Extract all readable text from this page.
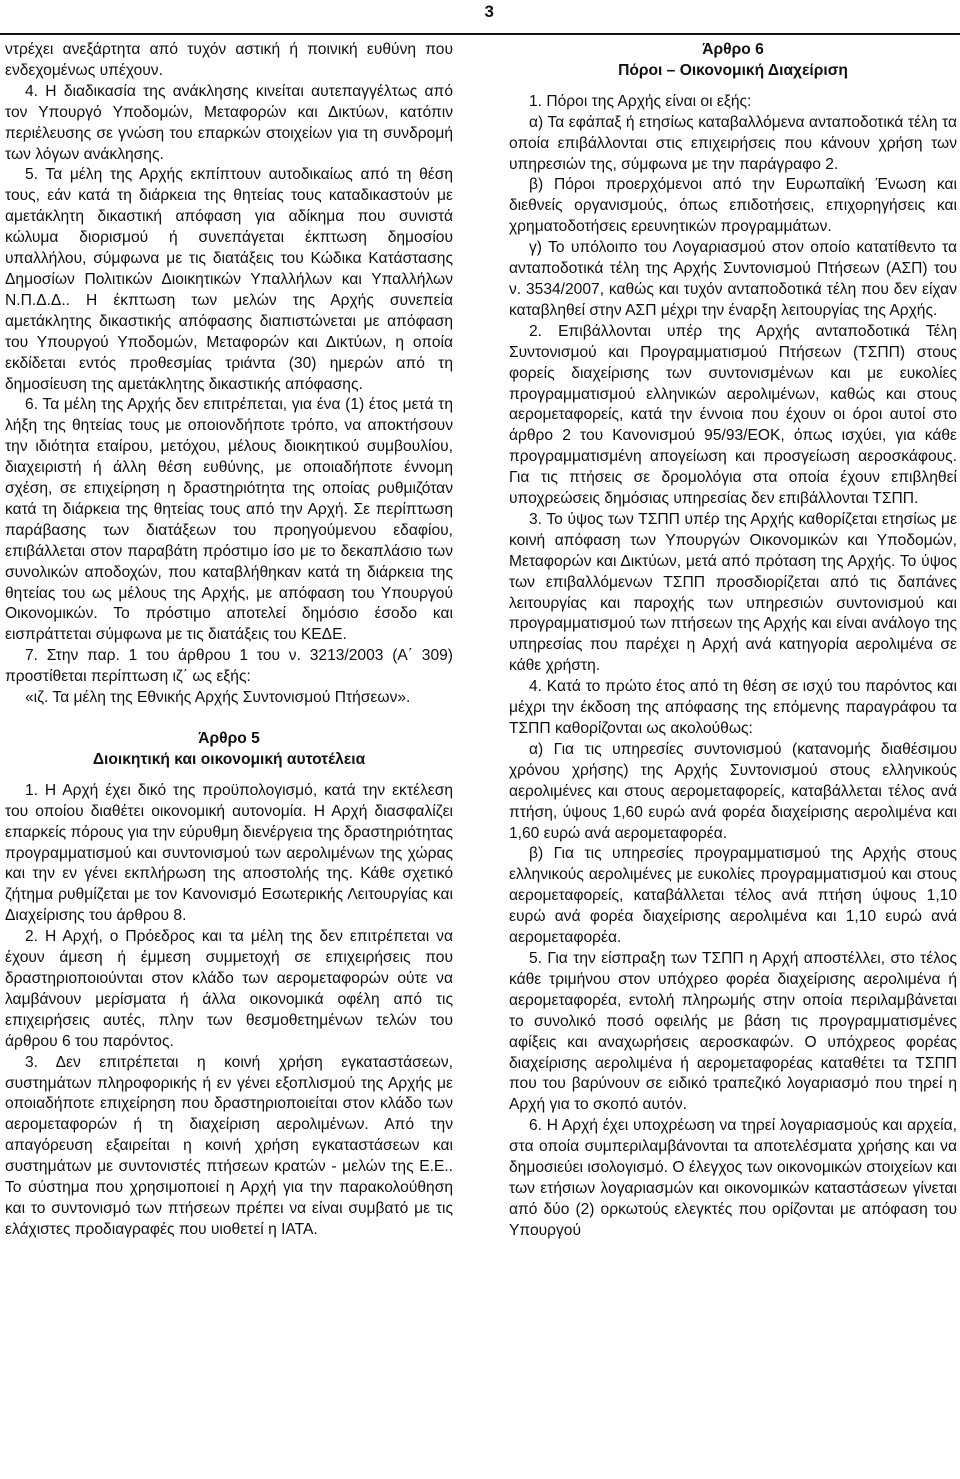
3

ντρέχει ανεξάρτητα από τυχόν αστική ή ποινική ευθύνη που ενδεχομένως υπέχουν.

4. Η διαδικασία της ανάκλησης κινείται αυτεπαγγέλτως από τον Υπουργό Υποδομών, Μεταφορών και Δικτύων, κατόπιν περιέλευσης σε γνώση του επαρκών στοιχείων για τη συνδρομή των λόγων ανάκλησης.

5. Τα μέλη της Αρχής εκπίπτουν αυτοδικαίως από τη θέση τους, εάν κατά τη διάρκεια της θητείας τους καταδικαστούν με αμετάκλητη δικαστική απόφαση για αδίκημα που συνιστά κώλυμα διορισμού ή συνεπάγεται έκπτωση δημοσίου υπαλλήλου, σύμφωνα με τις διατάξεις του Κώδικα Κατάστασης Δημοσίων Πολιτικών Διοικητικών Υπαλλήλων και Υπαλλήλων Ν.Π.Δ.Δ.. Η έκπτωση των μελών της Αρχής συνεπεία αμετάκλητης δικαστικής απόφασης διαπιστώνεται με απόφαση του Υπουργού Υποδομών, Μεταφορών και Δικτύων, η οποία εκδίδεται εντός προθεσμίας τριάντα (30) ημερών από τη δημοσίευση της αμετάκλητης δικαστικής απόφασης.

6. Τα μέλη της Αρχής δεν επιτρέπεται, για ένα (1) έτος μετά τη λήξη της θητείας τους με οποιονδήποτε τρόπο, να αποκτήσουν την ιδιότητα εταίρου, μετόχου, μέλους διοικητικού συμβουλίου, διαχειριστή ή άλλη θέση ευθύνης, με οποιαδήποτε έννομη σχέση, σε επιχείρηση η δραστηριότητα της οποίας ρυθμιζόταν κατά τη διάρκεια της θητείας τους από την Αρχή. Σε περίπτωση παράβασης των διατάξεων του προηγούμενου εδαφίου, επιβάλλεται στον παραβάτη πρόστιμο ίσο με το δεκαπλάσιο των συνολικών αποδοχών, που καταβλήθηκαν κατά τη διάρκεια της θητείας του ως μέλους της Αρχής, με απόφαση του Υπουργού Οικονομικών. Το πρόστιμο αποτελεί δημόσιο έσοδο και εισπράττεται σύμφωνα με τις διατάξεις του ΚΕΔΕ.

7. Στην παρ. 1 του άρθρου 1 του ν. 3213/2003 (Α΄ 309) προστίθεται περίπτωση ιζ΄ ως εξής:

«ιζ. Τα μέλη της Εθνικής Αρχής Συντονισμού Πτήσεων».

Άρθρο 5

Διοικητική και οικονομική αυτοτέλεια

1. Η Αρχή έχει δικό της προϋπολογισμό, κατά την εκτέλεση του οποίου διαθέτει οικονομική αυτονομία. Η Αρχή διασφαλίζει επαρκείς πόρους για την εύρυθμη διενέργεια της δραστηριότητας προγραμματισμού και συντονισμού των αερολιμένων της χώρας και την εν γένει εκπλήρωση της αποστολής της. Κάθε σχετικό ζήτημα ρυθμίζεται με τον Κανονισμό Εσωτερικής Λειτουργίας και Διαχείρισης του άρθρου 8.

2. Η Αρχή, ο Πρόεδρος και τα μέλη της δεν επιτρέπεται να έχουν άμεση ή έμμεση συμμετοχή σε επιχειρήσεις που δραστηριοποιούνται στον κλάδο των αερομεταφορών ούτε να λαμβάνουν μερίσματα ή άλλα οικονομικά οφέλη από τις επιχειρήσεις αυτές, πλην των θεσμοθετημένων τελών του άρθρου 6 του παρόντος.

3. Δεν επιτρέπεται η κοινή χρήση εγκαταστάσεων, συστημάτων πληροφορικής ή εν γένει εξοπλισμού της Αρχής με οποιαδήποτε επιχείρηση που δραστηριοποιείται στον κλάδο των αερομεταφορών ή τη διαχείριση αερολιμένων. Από την απαγόρευση εξαιρείται η κοινή χρήση εγκαταστάσεων και συστημάτων με συντονιστές πτήσεων κρατών - μελών της Ε.Ε.. Το σύστημα που χρησιμοποιεί η Αρχή για την παρακολούθηση και το συντονισμό των πτήσεων πρέπει να είναι συμβατό με τις ελάχιστες προδιαγραφές που υιοθετεί η ΙΑΤΑ.

Άρθρο 6

Πόροι – Οικονομική Διαχείριση

1. Πόροι της Αρχής είναι οι εξής:

α) Τα εφάπαξ ή ετησίως καταβαλλόμενα ανταποδοτικά τέλη τα οποία επιβάλλονται στις επιχειρήσεις που κάνουν χρήση των υπηρεσιών της, σύμφωνα με την παράγραφο 2.

β) Πόροι προερχόμενοι από την Ευρωπαϊκή Ένωση και διεθνείς οργανισμούς, όπως επιδοτήσεις, επιχορηγήσεις και χρηματοδοτήσεις ερευνητικών προγραμμάτων.

γ) Το υπόλοιπο του Λογαριασμού στον οποίο κατατίθεντο τα ανταποδοτικά τέλη της Αρχής Συντονισμού Πτήσεων (ΑΣΠ) του ν. 3534/2007, καθώς και τυχόν ανταποδοτικά τέλη που δεν είχαν καταβληθεί στην ΑΣΠ μέχρι την έναρξη λειτουργίας της Αρχής.

2. Επιβάλλονται υπέρ της Αρχής ανταποδοτικά Τέλη Συντονισμού και Προγραμματισμού Πτήσεων (ΤΣΠΠ) στους φορείς διαχείρισης των συντονισμένων και με ευκολίες προγραμματισμού ελληνικών αερολιμένων, καθώς και στους αερομεταφορείς, κατά την έννοια που έχουν οι όροι αυτοί στο άρθρο 2 του Κανονισμού 95/93/ΕΟΚ, όπως ισχύει, για κάθε προγραμματισμένη απογείωση και προσγείωση αεροσκάφους. Για τις πτήσεις σε δρομολόγια στα οποία έχουν επιβληθεί υποχρεώσεις δημόσιας υπηρεσίας δεν επιβάλλονται ΤΣΠΠ.

3. Το ύψος των ΤΣΠΠ υπέρ της Αρχής καθορίζεται ετησίως με κοινή απόφαση των Υπουργών Οικονομικών και Υποδομών, Μεταφορών και Δικτύων, μετά από πρόταση της Αρχής. Το ύψος των επιβαλλόμενων ΤΣΠΠ προσδιορίζεται από τις δαπάνες λειτουργίας και παροχής των υπηρεσιών συντονισμού και προγραμματισμού των πτήσεων της Αρχής και είναι ανάλογο της υπηρεσίας που παρέχει η Αρχή ανά κατηγορία αερολιμένα σε κάθε χρήστη.

4. Κατά το πρώτο έτος από τη θέση σε ισχύ του παρόντος και μέχρι την έκδοση της απόφασης της επόμενης παραγράφου τα ΤΣΠΠ καθορίζονται ως ακολούθως:

α) Για τις υπηρεσίες συντονισμού (κατανομής διαθέσιμου χρόνου χρήσης) της Αρχής Συντονισμού στους ελληνικούς αερολιμένες και στους αερομεταφορείς, καταβάλλεται τέλος ανά πτήση, ύψους 1,60 ευρώ ανά φορέα διαχείρισης αερολιμένα και 1,60 ευρώ ανά αερομεταφορέα.

β) Για τις υπηρεσίες προγραμματισμού της Αρχής στους ελληνικούς αερολιμένες με ευκολίες προγραμματισμού και στους αερομεταφορείς, καταβάλλεται τέλος ανά πτήση ύψους 1,10 ευρώ ανά φορέα διαχείρισης αερολιμένα και 1,10 ευρώ ανά αερομεταφορέα.

5. Για την είσπραξη των ΤΣΠΠ η Αρχή αποστέλλει, στο τέλος κάθε τριμήνου στον υπόχρεο φορέα διαχείρισης αερολιμένα ή αερομεταφορέα, εντολή πληρωμής στην οποία περιλαμβάνεται το συνολικό ποσό οφειλής με βάση τις προγραμματισμένες αφίξεις και αναχωρήσεις αεροσκαφών. Ο υπόχρεος φορέας διαχείρισης αερολιμένα ή αερομεταφορέας καταθέτει τα ΤΣΠΠ που του βαρύνουν σε ειδικό τραπεζικό λογαριασμό που τηρεί η Αρχή για το σκοπό αυτόν.

6. Η Αρχή έχει υποχρέωση να τηρεί λογαριασμούς και αρχεία, στα οποία συμπεριλαμβάνονται τα αποτελέσματα χρήσης και να δημοσιεύει ισολογισμό. Ο έλεγχος των οικονομικών στοιχείων και των ετήσιων λογαριασμών και οικονομικών καταστάσεων γίνεται από δύο (2) ορκωτούς ελεγκτές που ορίζονται με απόφαση του Υπουργού
